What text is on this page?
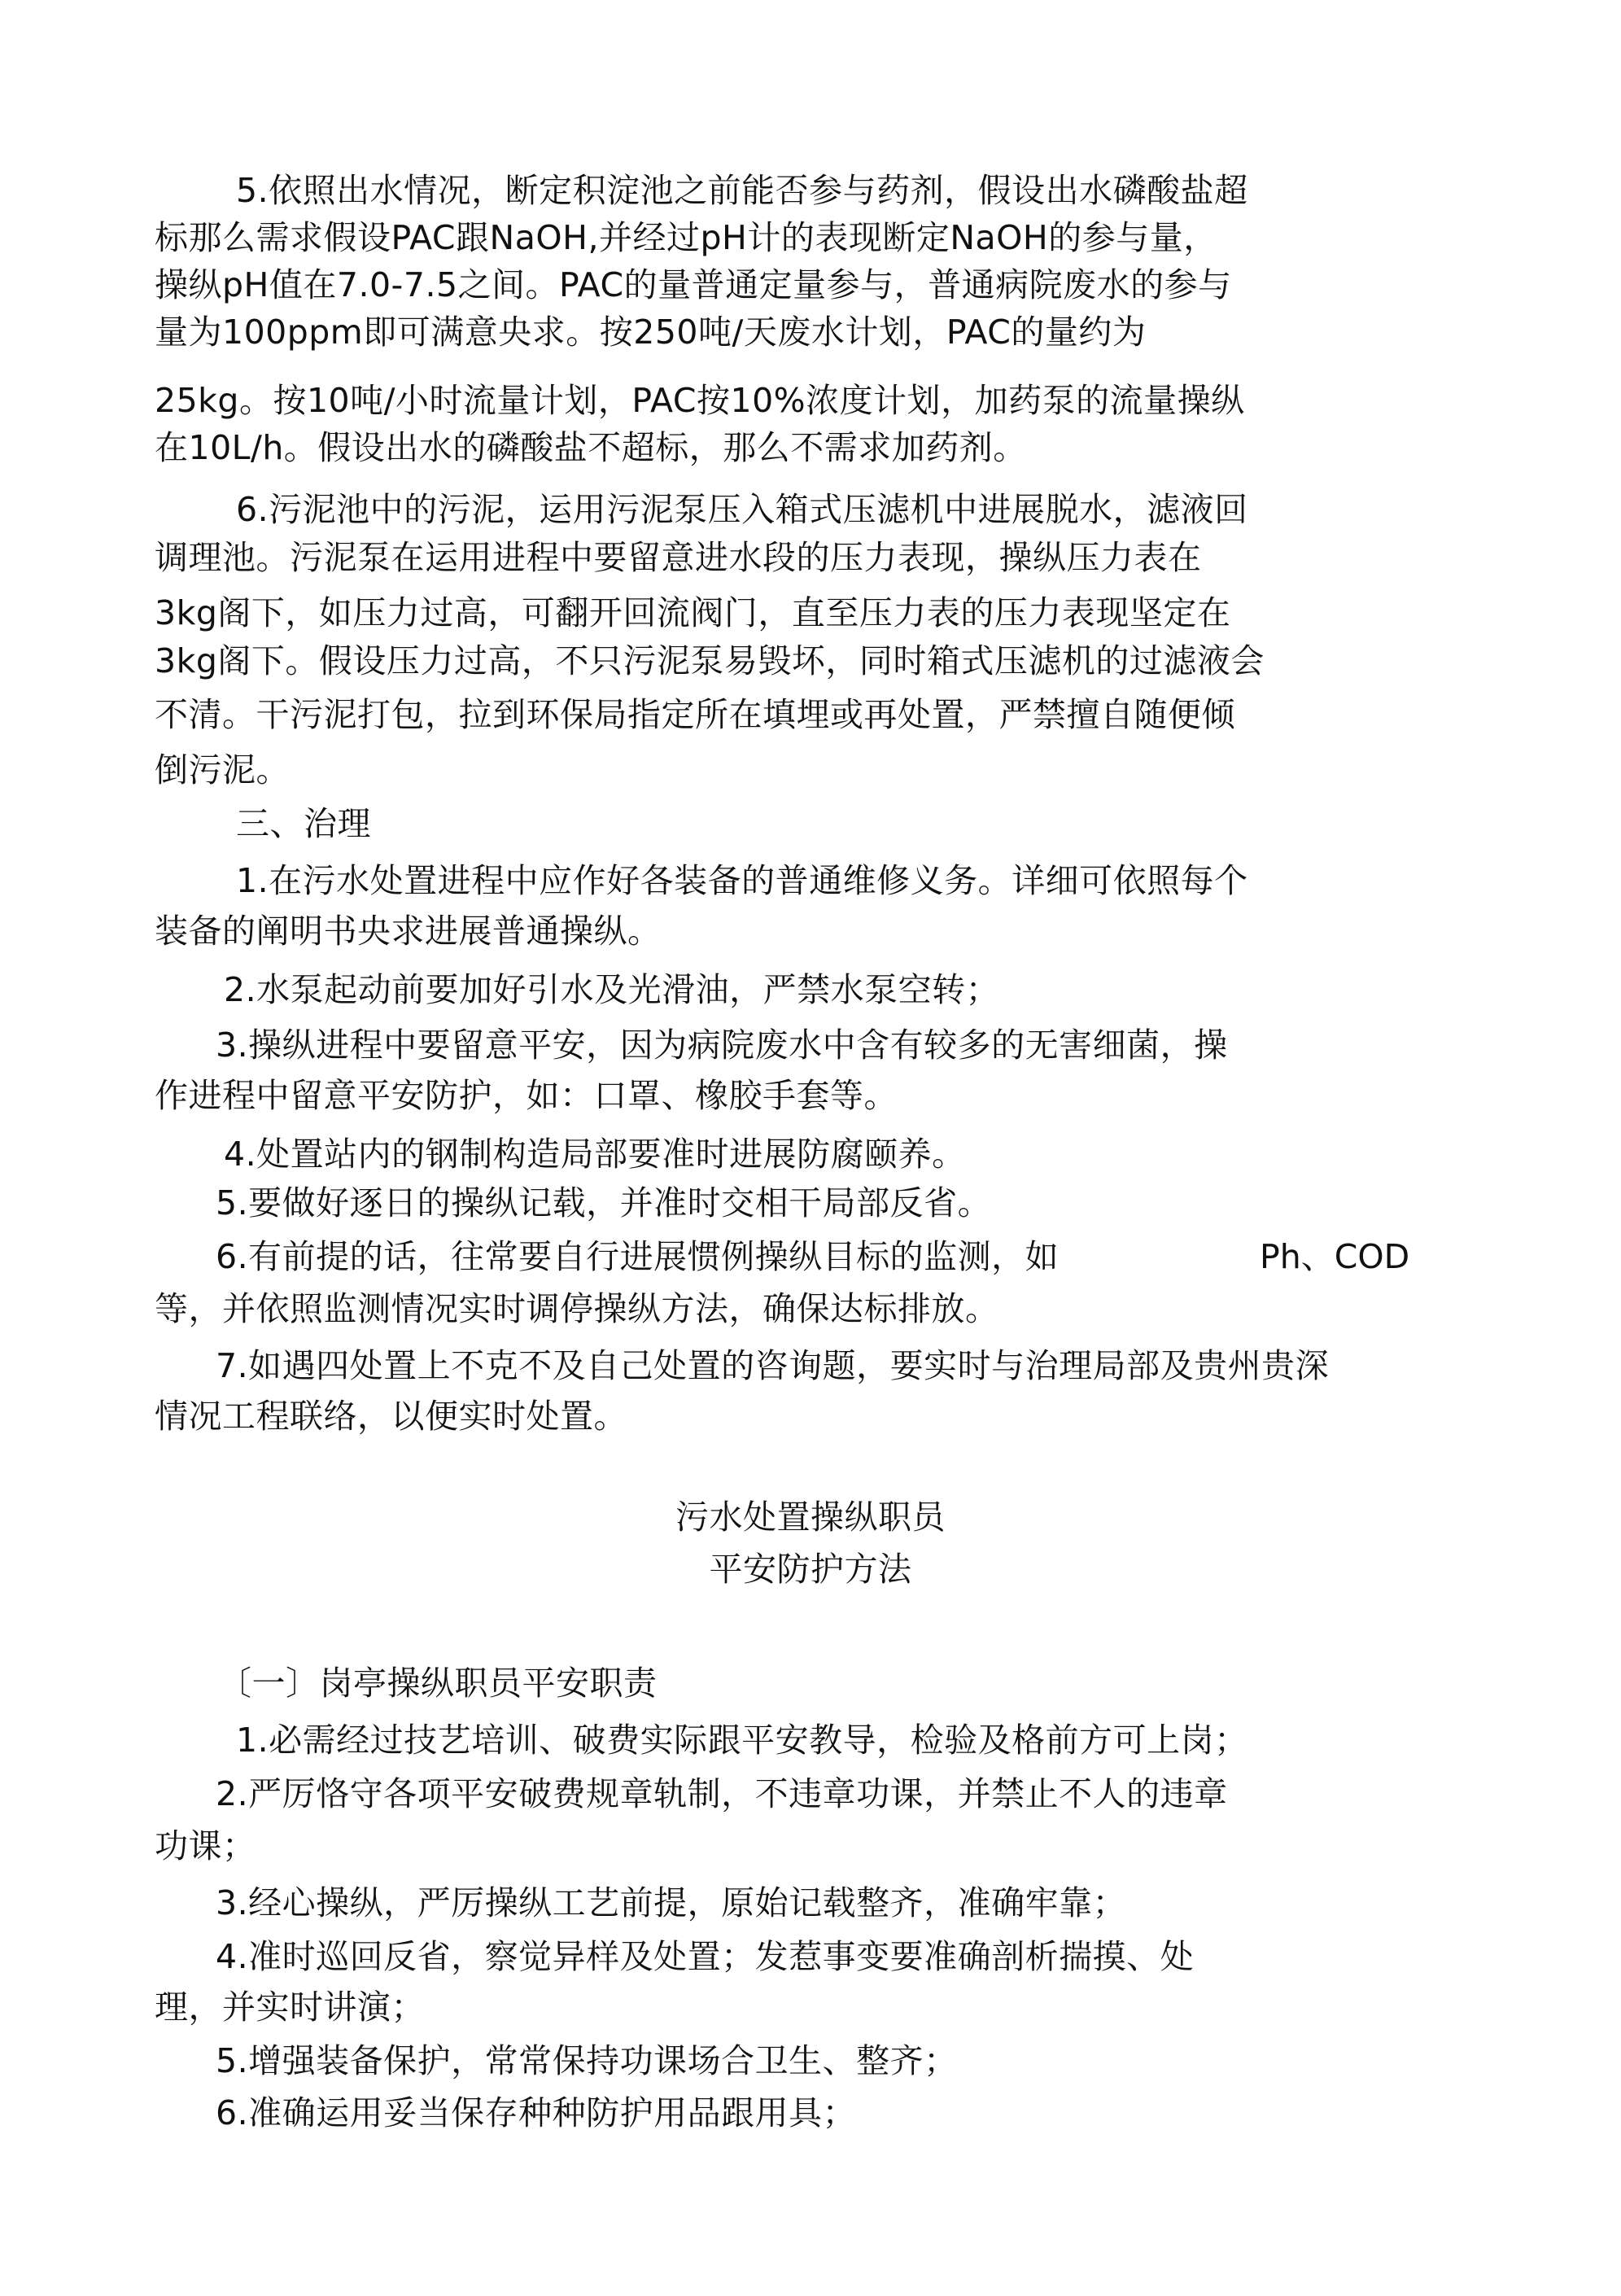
5.依照出水情况，断定积淀池之前能否参与药剂，假设出水磷酸盐超
标那么需求假设PAC跟NaOH,并经过pH计的表现断定NaOH的参与量，
操纵pH值在7.0-7.5之间。PAC的量普通定量参与，普通病院废水的参与
量为100ppm即可满意央求。按250吨/天废水计划，PAC的量约为
25kg。按10吨/小时流量计划，PAC按10%浓度计划，加药泵的流量操纵
在10L/h。假设出水的磷酸盐不超标，那么不需求加药剂。
6.污泥池中的污泥，运用污泥泵压入箱式压滤机中进展脱水，滤液回
调理池。污泥泵在运用进程中要留意进水段的压力表现，操纵压力表在
3kg阁下，如压力过高，可翻开回流阀门，直至压力表的压力表现坚定在
3kg阁下。假设压力过高，不只污泥泵易毁坏，同时箱式压滤机的过滤液会
不清。干污泥打包，拉到环保局指定所在填埋或再处置，严禁擅自随便倾
倒污泥。
三、治理
1.在污水处置进程中应作好各装备的普通维修义务。详细可依照每个
装备的阐明书央求进展普通操纵。
2.水泵起动前要加好引水及光滑油，严禁水泵空转；
3.操纵进程中要留意平安，因为病院废水中含有较多的无害细菌，操
作进程中留意平安防护，如：口罩、橡胶手套等。
4.处置站内的钢制构造局部要准时进展防腐颐养。
5.要做好逐日的操纵记载，并准时交相干局部反省。
6.有前提的话，往常要自行进展惯例操纵目标的监测，如	Ph、COD
等，并依照监测情况实时调停操纵方法，确保达标排放。
7.如遇四处置上不克不及自己处置的咨询题，要实时与治理局部及贵州贵深
情况工程联络，以便实时处置。
污水处置操纵职员
平安防护方法
〔一〕岗亭操纵职员平安职责
1.必需经过技艺培训、破费实际跟平安教导，检验及格前方可上岗；
2.严厉恪守各项平安破费规章轨制，不违章功课，并禁止不人的违章
功课；
3.经心操纵，严厉操纵工艺前提，原始记载整齐，准确牢靠；
4.准时巡回反省，察觉异样及处置；发惹事变要准确剖析揣摸、处
理，并实时讲演；
5.增强装备保护，常常保持功课场合卫生、整齐；
6.准确运用妥当保存种种防护用品跟用具；
